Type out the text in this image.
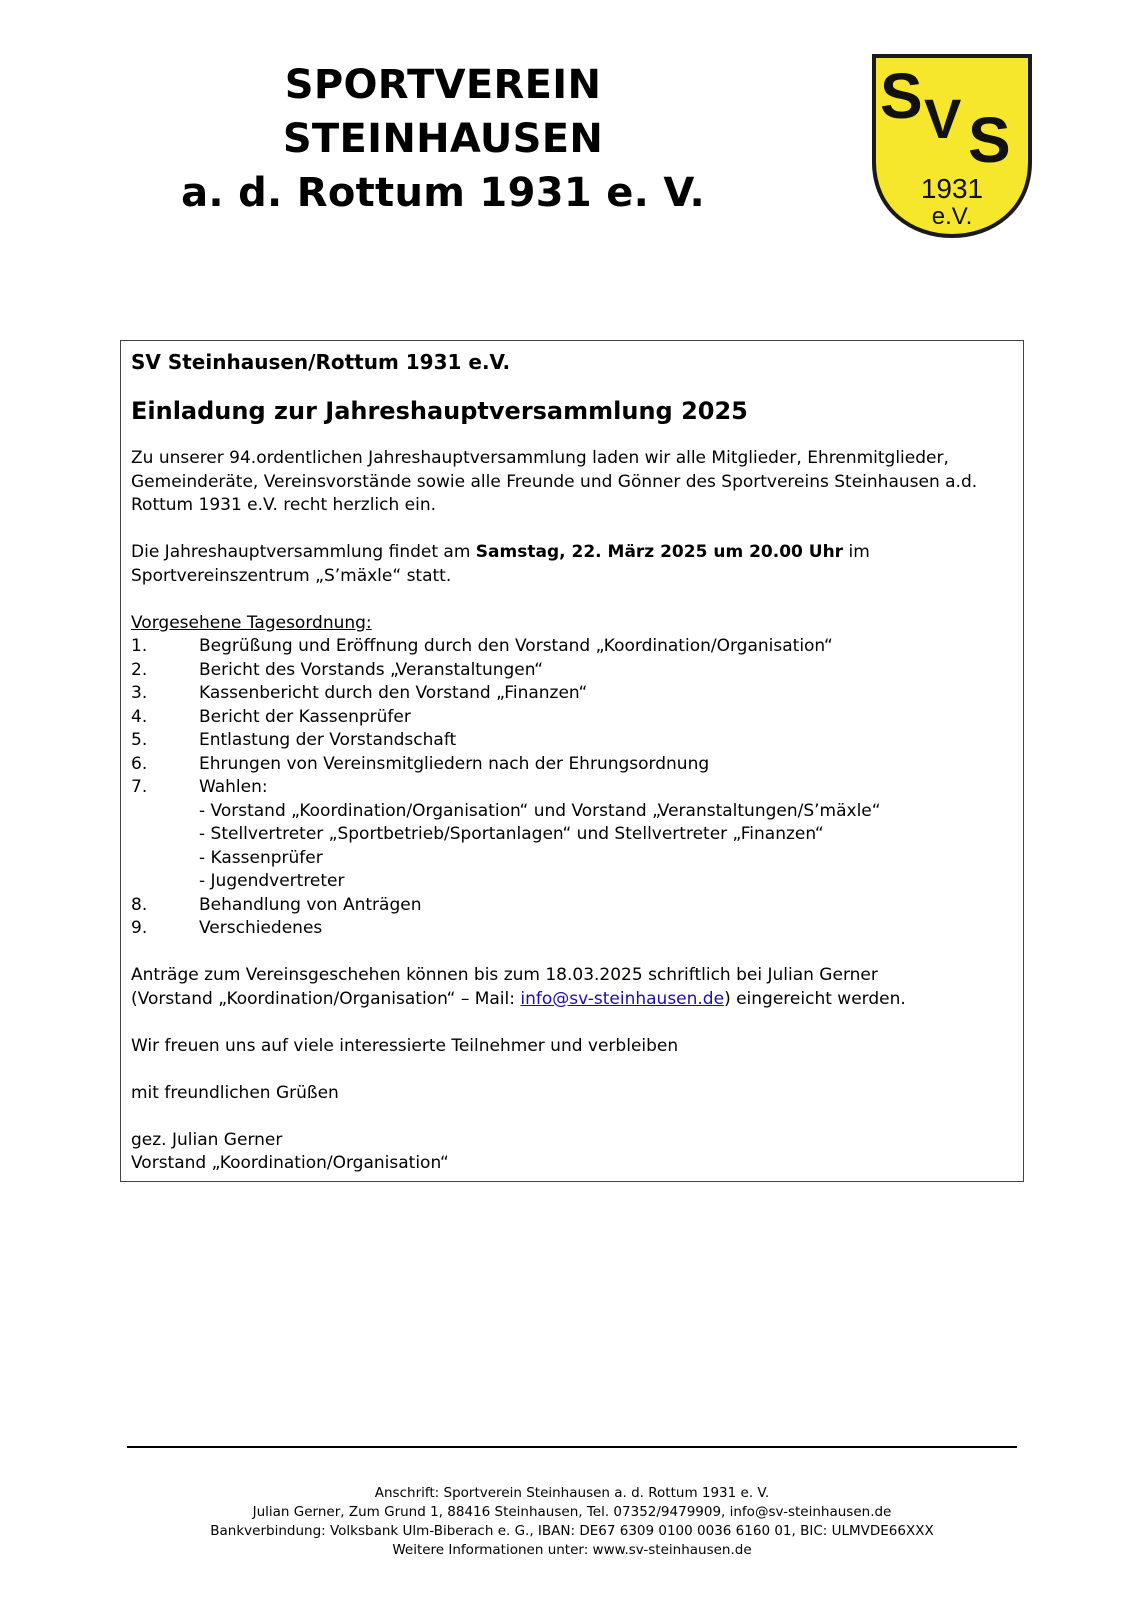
SPORTVEREIN STEINHAUSEN
a. d. Rottum 1931 e. V.
S V S
1931
e.V.
SV Steinhausen/Rottum 1931 e.V.
Einladung zur Jahreshauptversammlung 2025

Zu unserer 94.ordentlichen Jahreshauptversammlung laden wir alle Mitglieder, Ehrenmitglieder, Gemeinderäte, Vereinsvorstände sowie alle Freunde und Gönner des Sportvereins Steinhausen a.d. Rottum 1931 e.V. recht herzlich ein.

Die Jahreshauptversammlung findet am Samstag, 22. März 2025 um 20.00 Uhr im Sportvereinszentrum „S’mäxle“ statt.

Vorgesehene Tagesordnung:
1.	Begrüßung und Eröffnung durch den Vorstand „Koordination/Organisation“
2.	Bericht des Vorstands „Veranstaltungen“
3.	Kassenbericht durch den Vorstand „Finanzen“
4.	Bericht der Kassenprüfer
5.	Entlastung der Vorstandschaft
6.	Ehrungen von Vereinsmitgliedern nach der Ehrungsordnung
7.	Wahlen:
- Vorstand „Koordination/Organisation“ und Vorstand „Veranstaltungen/S’mäxle“
- Stellvertreter „Sportbetrieb/Sportanlagen“ und Stellvertreter „Finanzen“
- Kassenprüfer
- Jugendvertreter
8.	Behandlung von Anträgen
9.	Verschiedenes

Anträge zum Vereinsgeschehen können bis zum 18.03.2025 schriftlich bei Julian Gerner
(Vorstand „Koordination/Organisation“ – Mail: info@sv-steinhausen.de) eingereicht werden.

Wir freuen uns auf viele interessierte Teilnehmer und verbleiben

mit freundlichen Grüßen

gez. Julian Gerner
Vorstand „Koordination/Organisation“
Anschrift: Sportverein Steinhausen a. d. Rottum 1931 e. V.
Julian Gerner, Zum Grund 1, 88416 Steinhausen, Tel. 07352/9479909, info@sv-steinhausen.de
Bankverbindung: Volksbank Ulm-Biberach e. G., IBAN: DE67 6309 0100 0036 6160 01, BIC: ULMVDE66XXX
Weitere Informationen unter: www.sv-steinhausen.de
